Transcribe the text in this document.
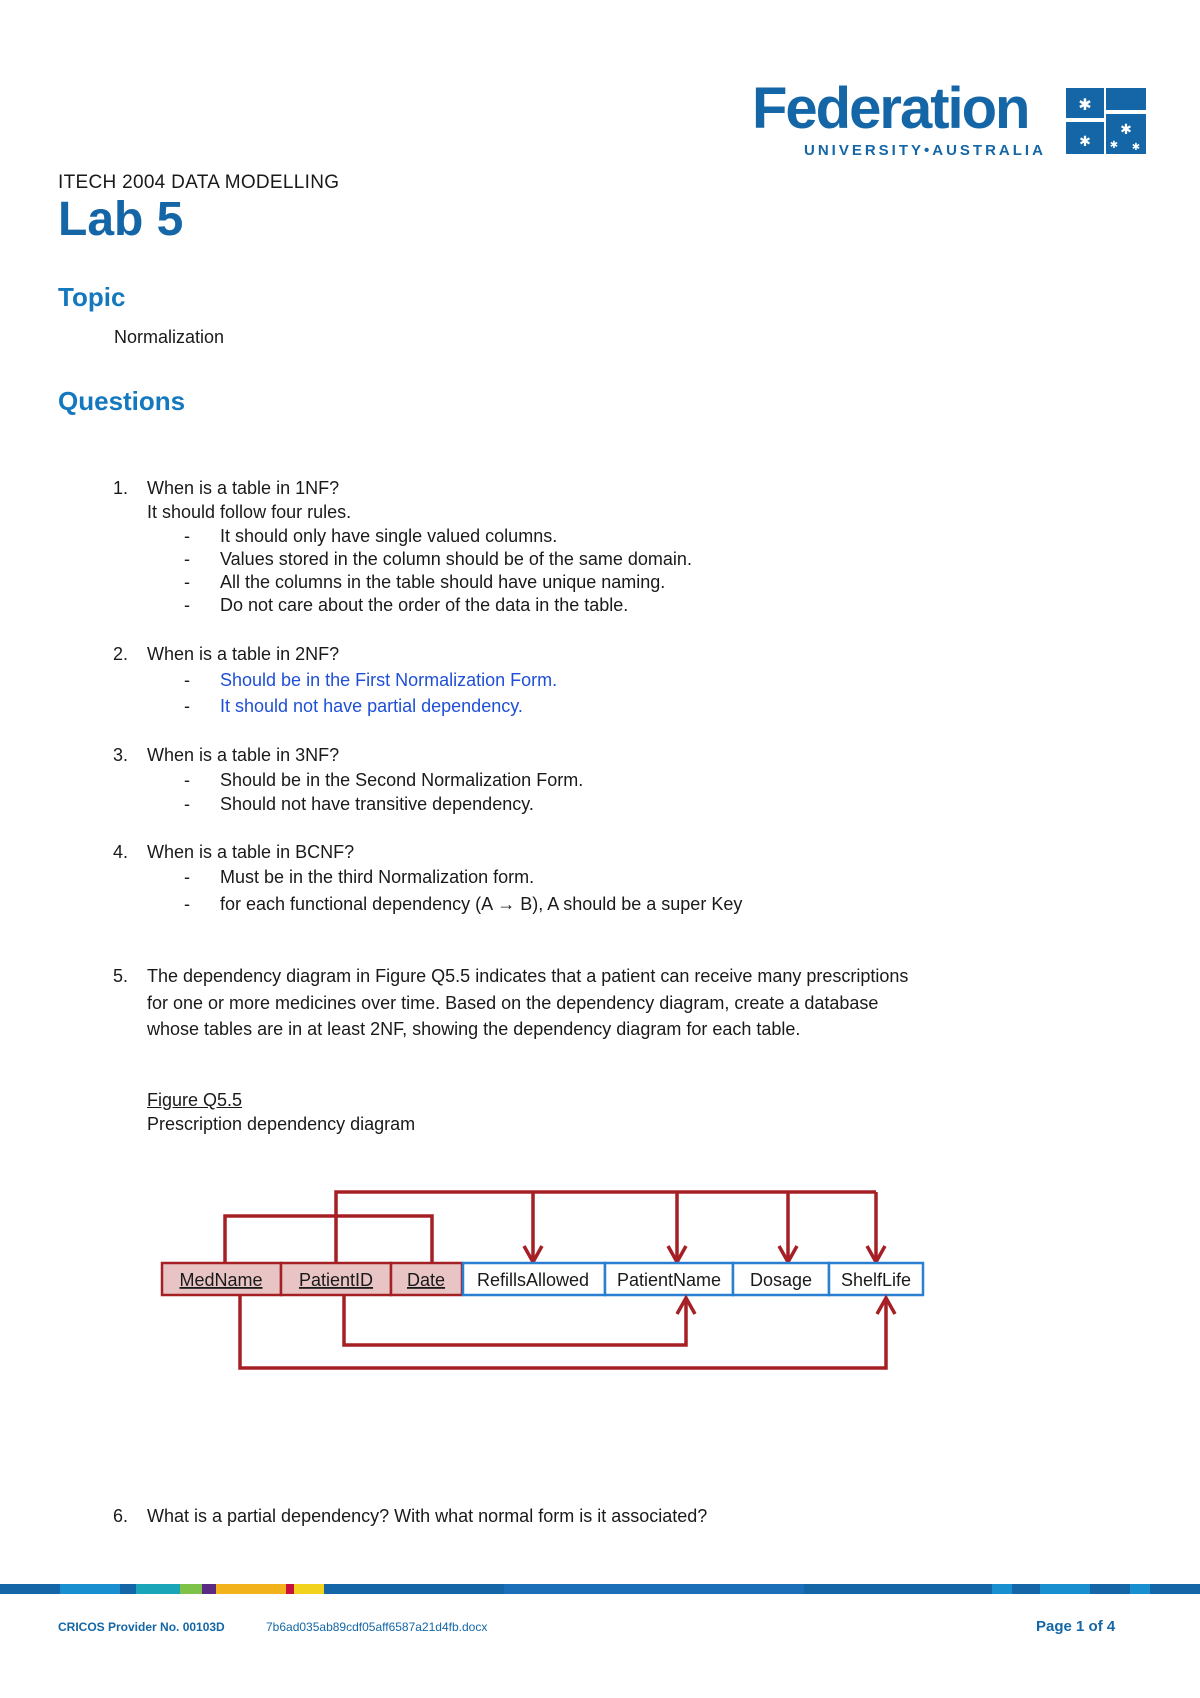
Federation
UNIVERSITY•AUSTRALIA
✱
✱
✱ ✱
✱
ITECH 2004 DATA MODELLING
Lab 5
Topic
Normalization
Questions
1. When is a table in 1NF?
It should follow four rules.
- It should only have single valued columns.
- Values stored in the column should be of the same domain.
- All the columns in the table should have unique naming.
- Do not care about the order of the data in the table.
2. When is a table in 2NF?
- Should be in the First Normalization Form.
- It should not have partial dependency.
3. When is a table in 3NF?
- Should be in the Second Normalization Form.
- Should not have transitive dependency.
4. When is a table in BCNF?
- Must be in the third Normalization form.
- for each functional dependency (A → B), A should be a super Key
5. The dependency diagram in Figure Q5.5 indicates that a patient can receive many prescriptions
for one or more medicines over time. Based on the dependency diagram, create a database
whose tables are in at least 2NF, showing the dependency diagram for each table.
Figure Q5.5
Prescription dependency diagram
MedName PatientID Date RefillsAllowed PatientName Dosage ShelfLife
6. What is a partial dependency? With what normal form is it associated?
CRICOS Provider No. 00103D	7b6ad035ab89cdf05aff6587a21d4fb.docx	Page 1 of 4
